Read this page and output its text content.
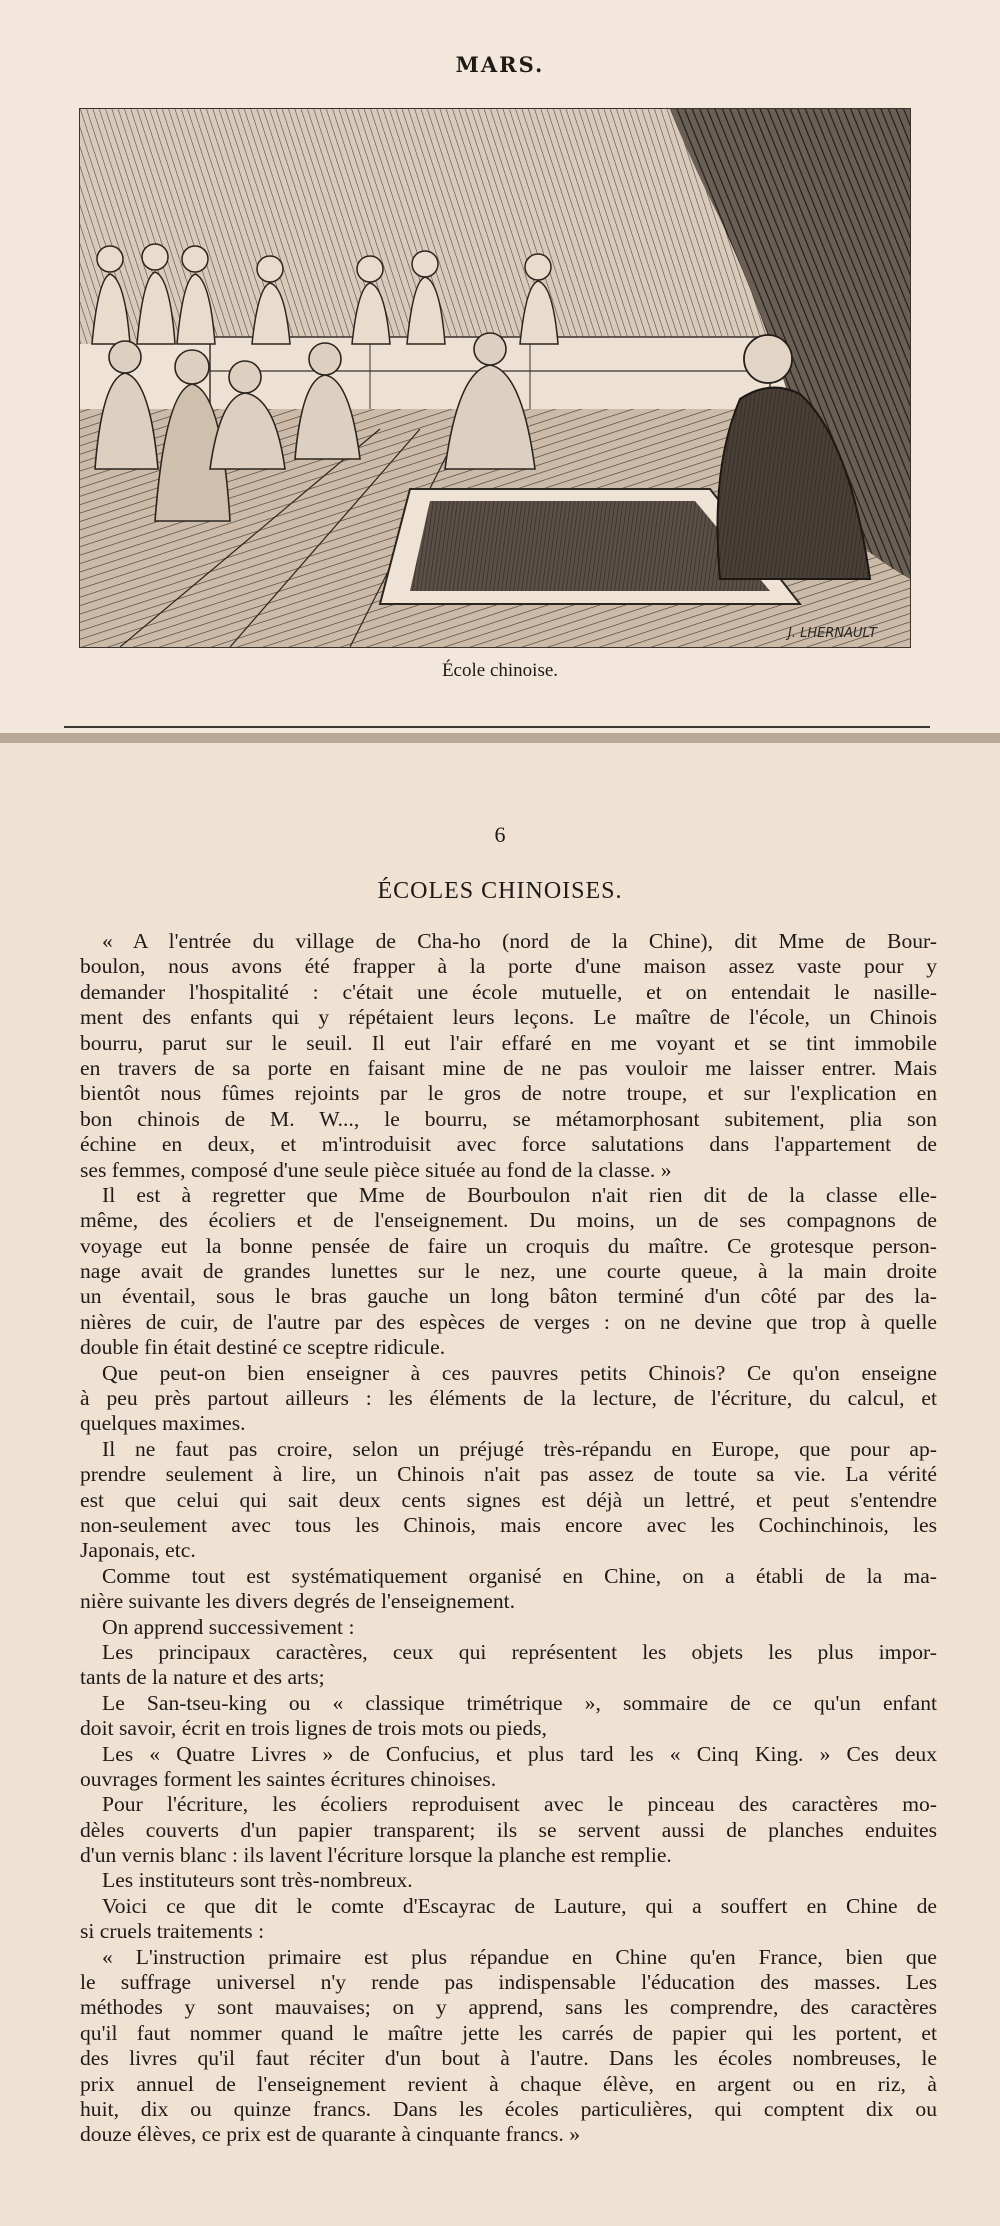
MARS.
J. LHERNAULT
École chinoise.
6
ÉCOLES CHINOISES.
« A l'entrée du village de Cha-ho (nord de la Chine), dit Mme de Bour-
boulon, nous avons été frapper à la porte d'une maison assez vaste pour y
demander l'hospitalité : c'était une école mutuelle, et on entendait le nasille-
ment des enfants qui y répétaient leurs leçons. Le maître de l'école, un Chinois
bourru, parut sur le seuil. Il eut l'air effaré en me voyant et se tint immobile
en travers de sa porte en faisant mine de ne pas vouloir me laisser entrer. Mais
bientôt nous fûmes rejoints par le gros de notre troupe, et sur l'explication en
bon chinois de M. W..., le bourru, se métamorphosant subitement, plia son
échine en deux, et m'introduisit avec force salutations dans l'appartement de
ses femmes, composé d'une seule pièce située au fond de la classe. »
Il est à regretter que Mme de Bourboulon n'ait rien dit de la classe elle-
même, des écoliers et de l'enseignement. Du moins, un de ses compagnons de
voyage eut la bonne pensée de faire un croquis du maître. Ce grotesque person-
nage avait de grandes lunettes sur le nez, une courte queue, à la main droite
un éventail, sous le bras gauche un long bâton terminé d'un côté par des la-
nières de cuir, de l'autre par des espèces de verges : on ne devine que trop à quelle
double fin était destiné ce sceptre ridicule.
Que peut-on bien enseigner à ces pauvres petits Chinois? Ce qu'on enseigne
à peu près partout ailleurs : les éléments de la lecture, de l'écriture, du calcul, et
quelques maximes.
Il ne faut pas croire, selon un préjugé très-répandu en Europe, que pour ap-
prendre seulement à lire, un Chinois n'ait pas assez de toute sa vie. La vérité
est que celui qui sait deux cents signes est déjà un lettré, et peut s'entendre
non-seulement avec tous les Chinois, mais encore avec les Cochinchinois, les
Japonais, etc.
Comme tout est systématiquement organisé en Chine, on a établi de la ma-
nière suivante les divers degrés de l'enseignement.
On apprend successivement :
Les principaux caractères, ceux qui représentent les objets les plus impor-
tants de la nature et des arts;
Le San-tseu-king ou « classique trimétrique », sommaire de ce qu'un enfant
doit savoir, écrit en trois lignes de trois mots ou pieds,
Les « Quatre Livres » de Confucius, et plus tard les « Cinq King. » Ces deux
ouvrages forment les saintes écritures chinoises.
Pour l'écriture, les écoliers reproduisent avec le pinceau des caractères mo-
dèles couverts d'un papier transparent; ils se servent aussi de planches enduites
d'un vernis blanc : ils lavent l'écriture lorsque la planche est remplie.
Les instituteurs sont très-nombreux.
Voici ce que dit le comte d'Escayrac de Lauture, qui a souffert en Chine de
si cruels traitements :
« L'instruction primaire est plus répandue en Chine qu'en France, bien que
le suffrage universel n'y rende pas indispensable l'éducation des masses. Les
méthodes y sont mauvaises; on y apprend, sans les comprendre, des caractères
qu'il faut nommer quand le maître jette les carrés de papier qui les portent, et
des livres qu'il faut réciter d'un bout à l'autre. Dans les écoles nombreuses, le
prix annuel de l'enseignement revient à chaque élève, en argent ou en riz, à
huit, dix ou quinze francs. Dans les écoles particulières, qui comptent dix ou
douze élèves, ce prix est de quarante à cinquante francs. »
